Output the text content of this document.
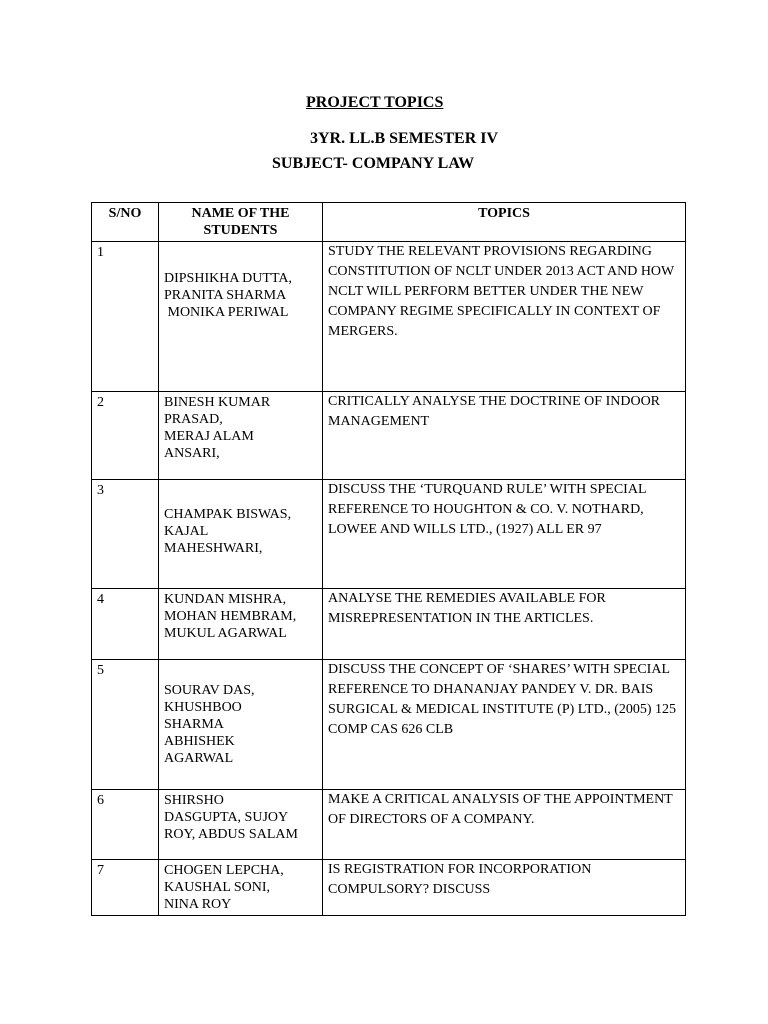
PROJECT TOPICS
3YR. LL.B SEMESTER IV
SUBJECT- COMPANY LAW
S/NO	NAME OF THE STUDENTS	TOPICS
1	DIPSHIKHA DUTTA,
PRANITA SHARMA
MONIKA PERIWAL	STUDY THE RELEVANT PROVISIONS REGARDING CONSTITUTION OF NCLT UNDER 2013 ACT AND HOW NCLT WILL PERFORM BETTER UNDER THE NEW COMPANY REGIME SPECIFICALLY IN CONTEXT OF MERGERS.
2	BINESH KUMAR
PRASAD,
MERAJ ALAM
ANSARI,	CRITICALLY ANALYSE THE DOCTRINE OF INDOOR MANAGEMENT
3	CHAMPAK BISWAS,
KAJAL
MAHESHWARI,	DISCUSS THE ‘TURQUAND RULE’ WITH SPECIAL REFERENCE TO HOUGHTON & CO. V. NOTHARD, LOWEE AND WILLS LTD., (1927) ALL ER 97
4	KUNDAN MISHRA,
MOHAN HEMBRAM,
MUKUL AGARWAL	ANALYSE THE REMEDIES AVAILABLE FOR MISREPRESENTATION IN THE ARTICLES.
5	SOURAV DAS,
KHUSHBOO
SHARMA
ABHISHEK
AGARWAL	DISCUSS THE CONCEPT OF ‘SHARES’ WITH SPECIAL REFERENCE TO DHANANJAY PANDEY V. DR. BAIS SURGICAL & MEDICAL INSTITUTE (P) LTD., (2005) 125 COMP CAS 626 CLB
6	SHIRSHO
DASGUPTA, SUJOY
ROY, ABDUS SALAM	MAKE A CRITICAL ANALYSIS OF THE APPOINTMENT OF DIRECTORS OF A COMPANY.
7	CHOGEN LEPCHA,
KAUSHAL SONI,
NINA ROY	IS REGISTRATION FOR INCORPORATION COMPULSORY? DISCUSS
